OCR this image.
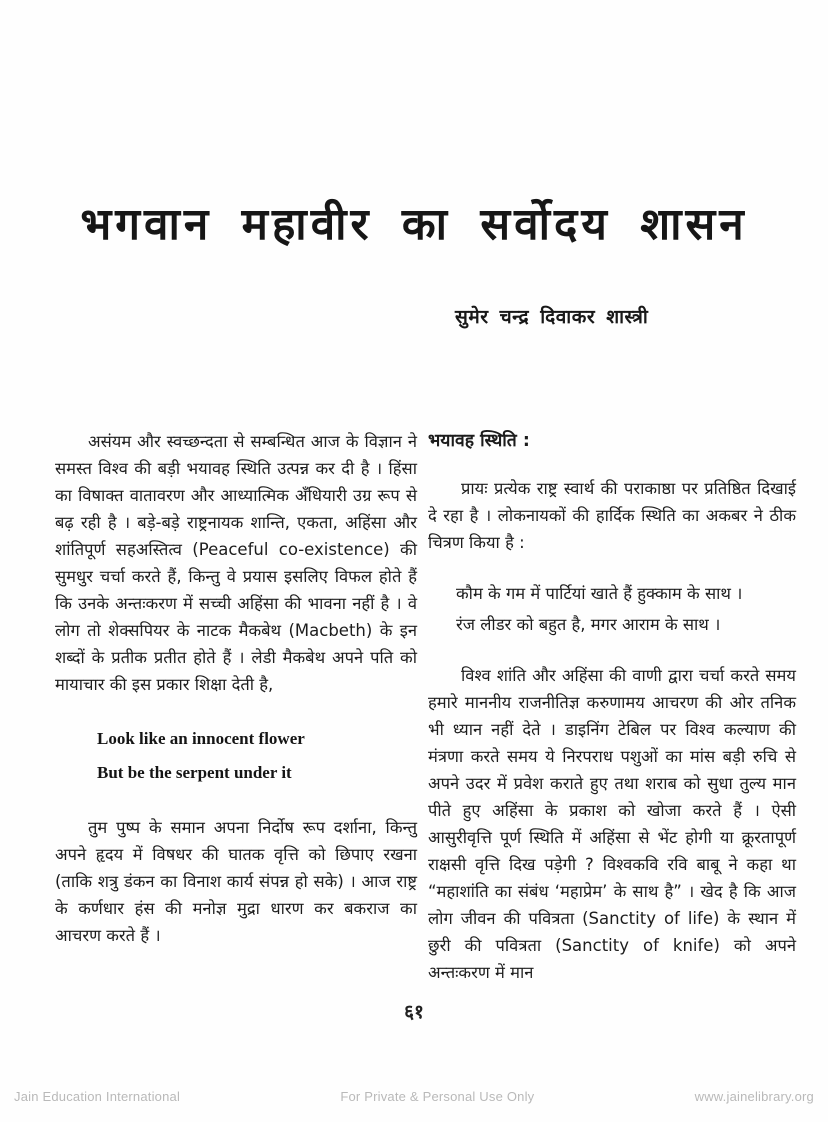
भगवान महावीर का सर्वोदय शासन
सुमेर चन्द्र दिवाकर शास्त्री

असंयम और स्वच्छन्दता से सम्बन्धित आज के विज्ञान ने समस्त विश्व की बड़ी भयावह स्थिति उत्पन्न कर दी है । हिंसा का विषाक्त वातावरण और आध्यात्मिक अँधियारी उग्र रूप से बढ़ रही है । बड़े-बड़े राष्ट्रनायक शान्ति, एकता, अहिंसा और शांतिपूर्ण सहअस्तित्व (Peaceful co-existence) की सुमधुर चर्चा करते हैं, किन्तु वे प्रयास इसलिए विफल होते हैं कि उनके अन्तःकरण में सच्ची अहिंसा की भावना नहीं है । वे लोग तो शेक्सपियर के नाटक मैकबेथ (Macbeth) के इन शब्दों के प्रतीक प्रतीत होते हैं । लेडी मैकबेथ अपने पति को मायाचार की इस प्रकार शिक्षा देती है,

Look like an innocent flower
But be the serpent under it

तुम पुष्प के समान अपना निर्दोष रूप दर्शाना, किन्तु अपने हृदय में विषधर की घातक वृत्ति को छिपाए रखना (ताकि शत्रु डंकन का विनाश कार्य संपन्न हो सके) । आज राष्ट्र के कर्णधार हंस की मनोज्ञ मुद्रा धारण कर बकराज का आचरण करते हैं ।

भयावह स्थिति :

प्रायः प्रत्येक राष्ट्र स्वार्थ की पराकाष्ठा पर प्रतिष्ठित दिखाई दे रहा है । लोकनायकों की हार्दिक स्थिति का अकबर ने ठीक चित्रण किया है :

कौम के गम में पार्टियां खाते हैं हुक्काम के साथ ।
रंज लीडर को बहुत है, मगर आराम के साथ ।

विश्व शांति और अहिंसा की वाणी द्वारा चर्चा करते समय हमारे माननीय राजनीतिज्ञ करुणामय आचरण की ओर तनिक भी ध्यान नहीं देते । डाइनिंग टेबिल पर विश्व कल्याण की मंत्रणा करते समय ये निरपराध पशुओं का मांस बड़ी रुचि से अपने उदर में प्रवेश कराते हुए तथा शराब को सुधा तुल्य मान पीते हुए अहिंसा के प्रकाश को खोजा करते हैं । ऐसी आसुरीवृत्ति पूर्ण स्थिति में अहिंसा से भेंट होगी या क्रूरतापूर्ण राक्षसी वृत्ति दिख पड़ेगी ? विश्वकवि रवि बाबू ने कहा था “महाशांति का संबंध ‘महाप्रेम’ के साथ है” । खेद है कि आज लोग जीवन की पवित्रता (Sanctity of life) के स्थान में छुरी की पवित्रता (Sanctity of knife) को अपने अन्तःकरण में मान

६१
Jain Education International	For Private & Personal Use Only	www.jainelibrary.org
